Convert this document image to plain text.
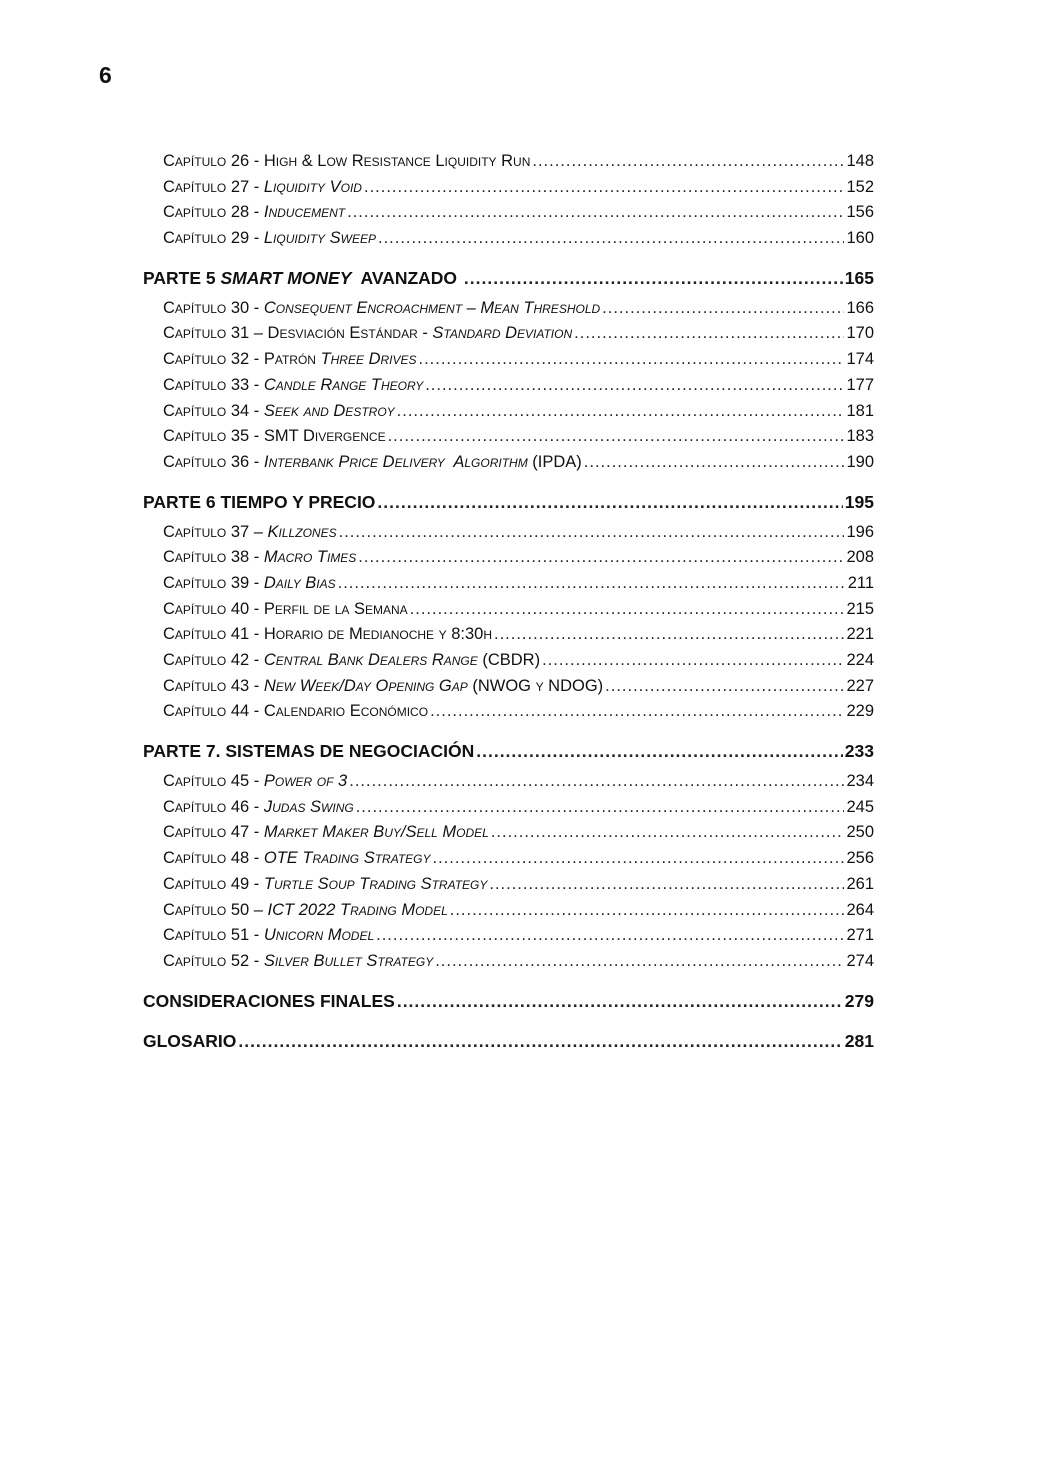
6
Capítulo 26 - High & Low Resistance Liquidity Run .....	148
Capítulo 27 - Liquidity Void .....	152
Capítulo 28 - Inducement .....	156
Capítulo 29 - Liquidity Sweep .....	160
PARTE 5 SMART MONEY  AVANZADO .....	165
Capítulo 30 - Consequent Encroachment – Mean Threshold .....	166
Capítulo 31 – Desviación Estándar - Standard Deviation .....	170
Capítulo 32 - Patrón Three Drives .....	174
Capítulo 33 - Candle Range Theory .....	177
Capítulo 34 - Seek and Destroy .....	181
Capítulo 35 - SMT Divergence .....	183
Capítulo 36 - Interbank Price Delivery  Algorithm (IPDA) .....	190
PARTE 6 TIEMPO Y PRECIO .....	195
Capítulo 37 – Killzones .....	196
Capítulo 38 - Macro Times .....	208
Capítulo 39 - Daily Bias .....	211
Capítulo 40 - Perfil de la Semana .....	215
Capítulo 41 - Horario de Medianoche y 8:30h .....	221
Capítulo 42 - Central Bank Dealers Range (CBDR) .....	224
Capítulo 43 - New Week/Day Opening Gap (NWOG y NDOG) .....	227
Capítulo 44 - Calendario Económico .....	229
PARTE 7. SISTEMAS DE NEGOCIACIÓN .....	233
Capítulo 45 - Power of 3 .....	234
Capítulo 46 - Judas Swing .....	245
Capítulo 47 - Market Maker Buy/Sell Model .....	250
Capítulo 48 - OTE Trading Strategy .....	256
Capítulo 49 - Turtle Soup Trading Strategy .....	261
Capítulo 50 – ICT 2022 Trading Model .....	264
Capítulo 51 - Unicorn Model .....	271
Capítulo 52 - Silver Bullet Strategy .....	274
CONSIDERACIONES FINALES .....	279
GLOSARIO .....	281
